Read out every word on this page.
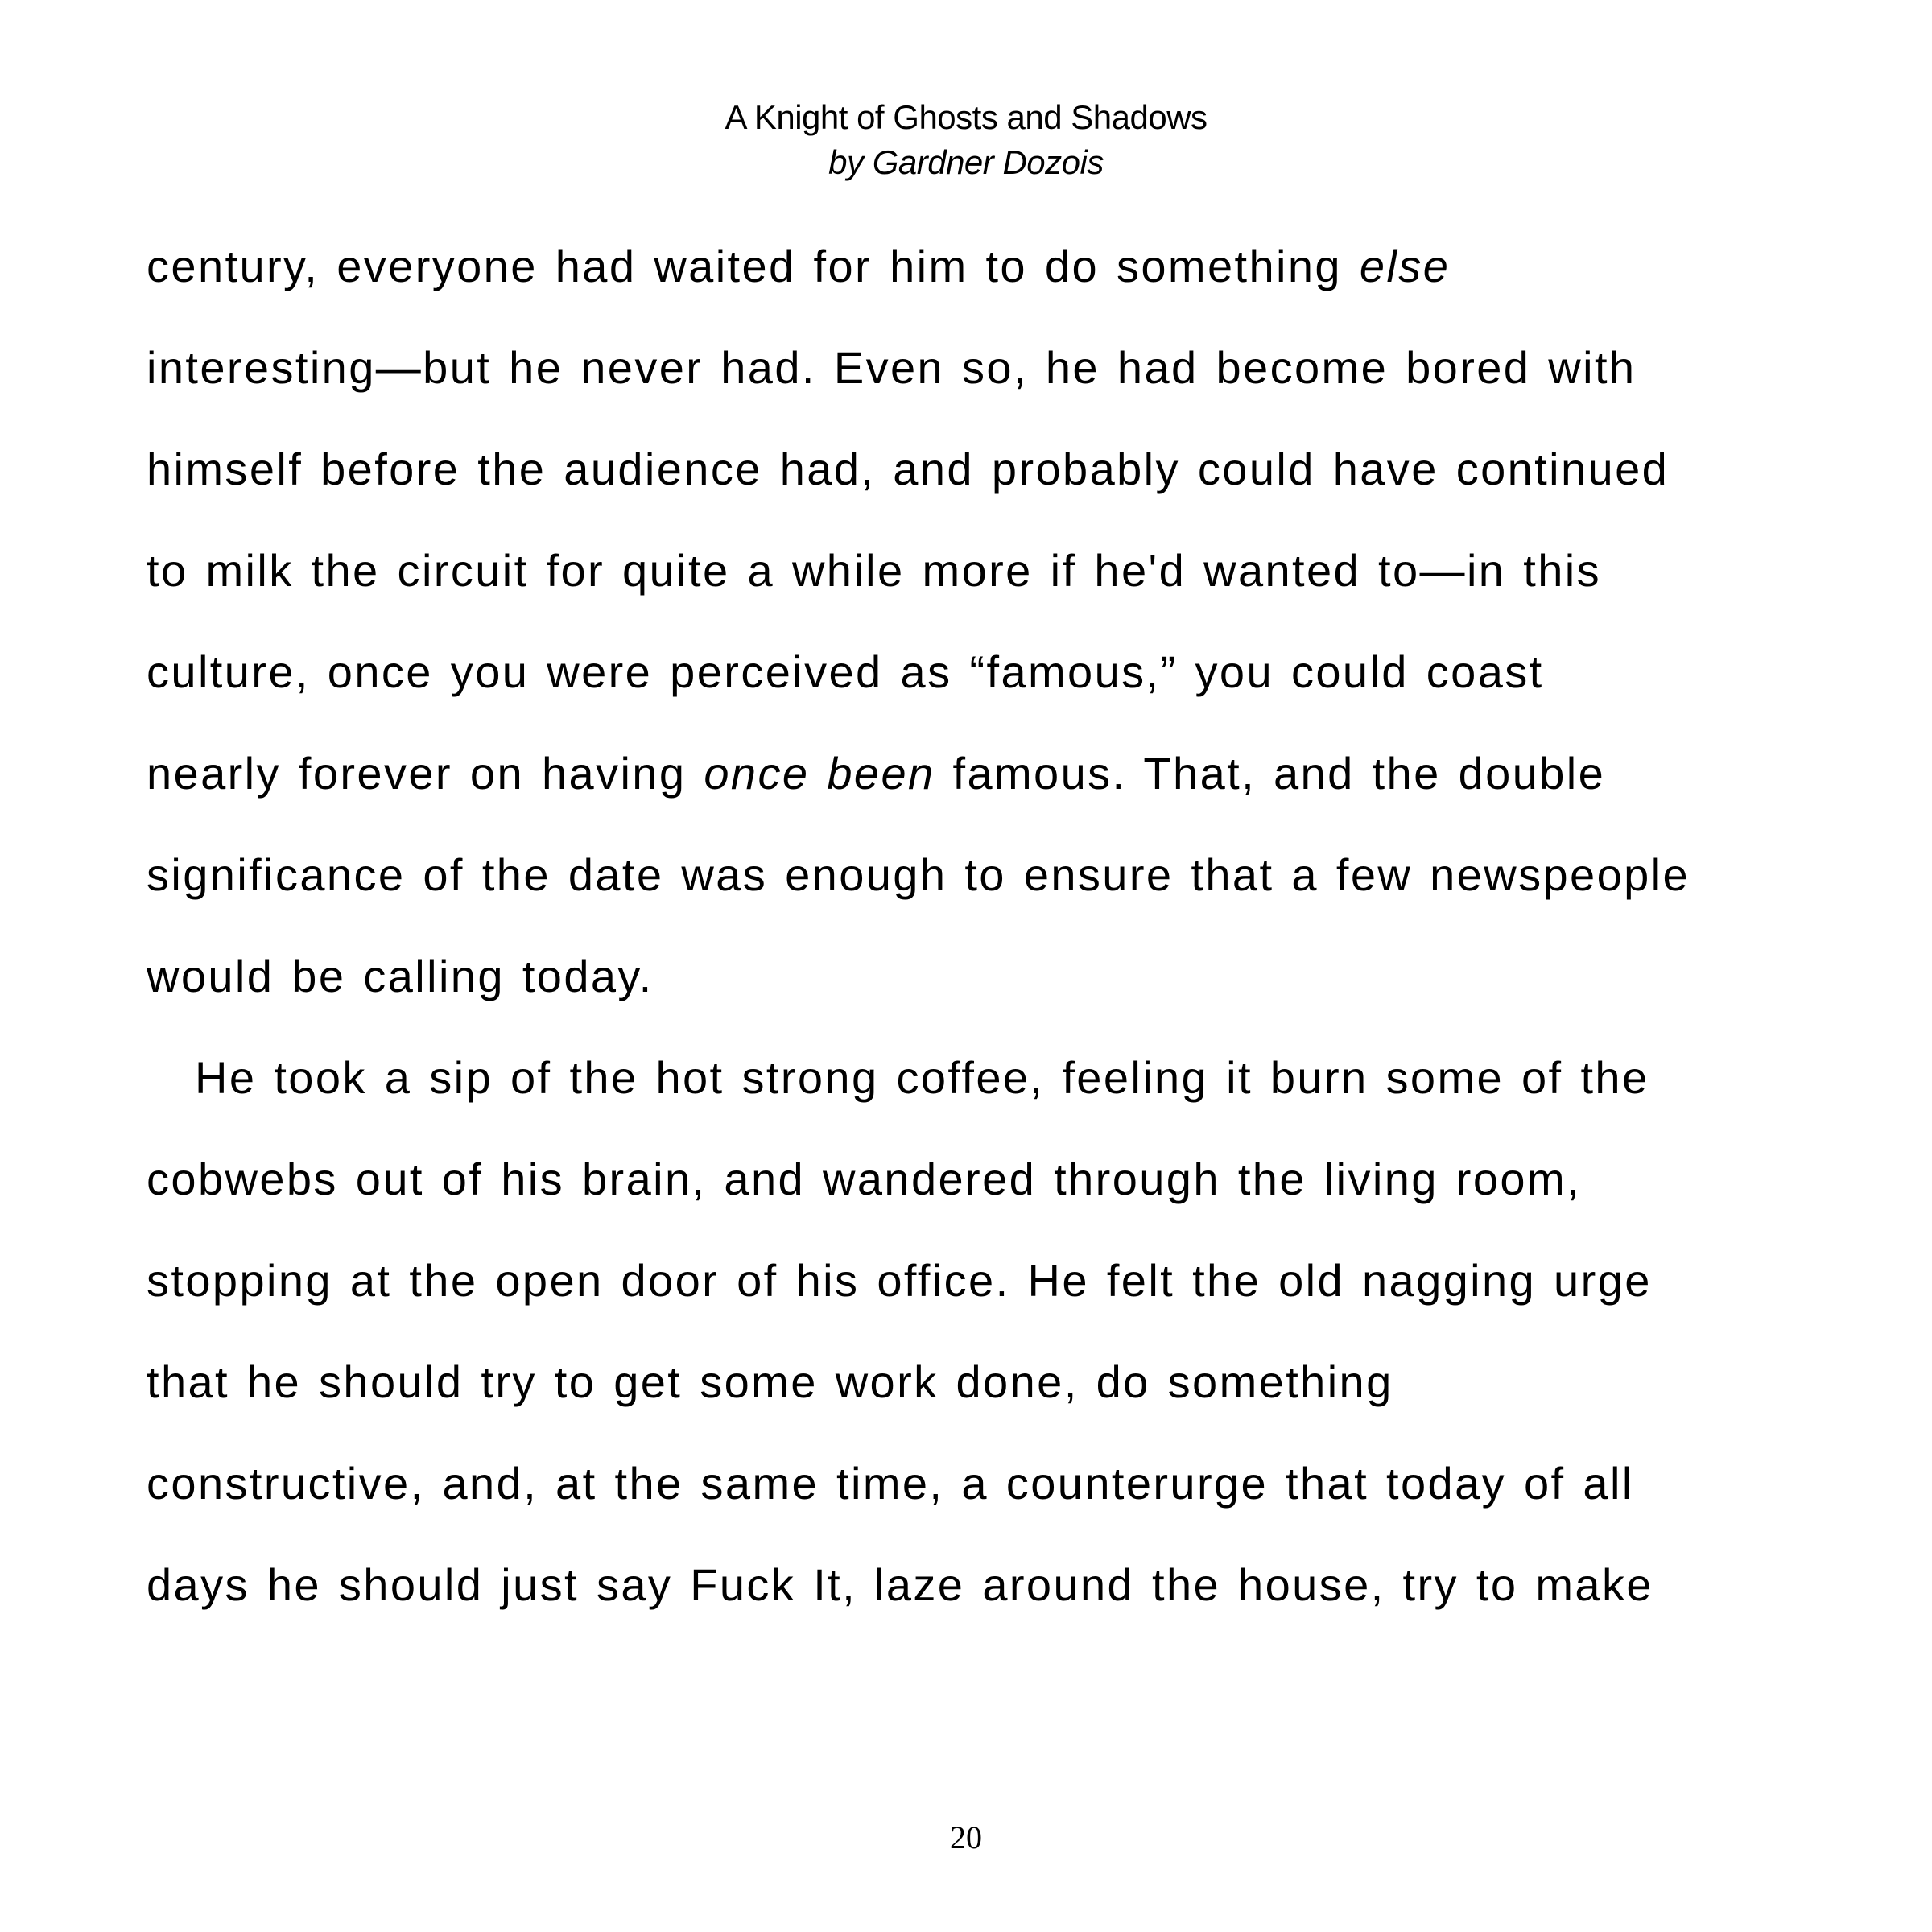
A Knight of Ghosts and Shadows
by Gardner Dozois
century, everyone had waited for him to do something else
interesting—but he never had. Even so, he had become bored with
himself before the audience had, and probably could have continued
to milk the circuit for quite a while more if he'd wanted to—in this
culture, once you were perceived as “famous,” you could coast
nearly forever on having once been famous. That, and the double
significance of the date was enough to ensure that a few newspeople
would be calling today.
He took a sip of the hot strong coffee, feeling it burn some of the
cobwebs out of his brain, and wandered through the living room,
stopping at the open door of his office. He felt the old nagging urge
that he should try to get some work done, do something
constructive, and, at the same time, a counterurge that today of all
days he should just say Fuck It, laze around the house, try to make
20
